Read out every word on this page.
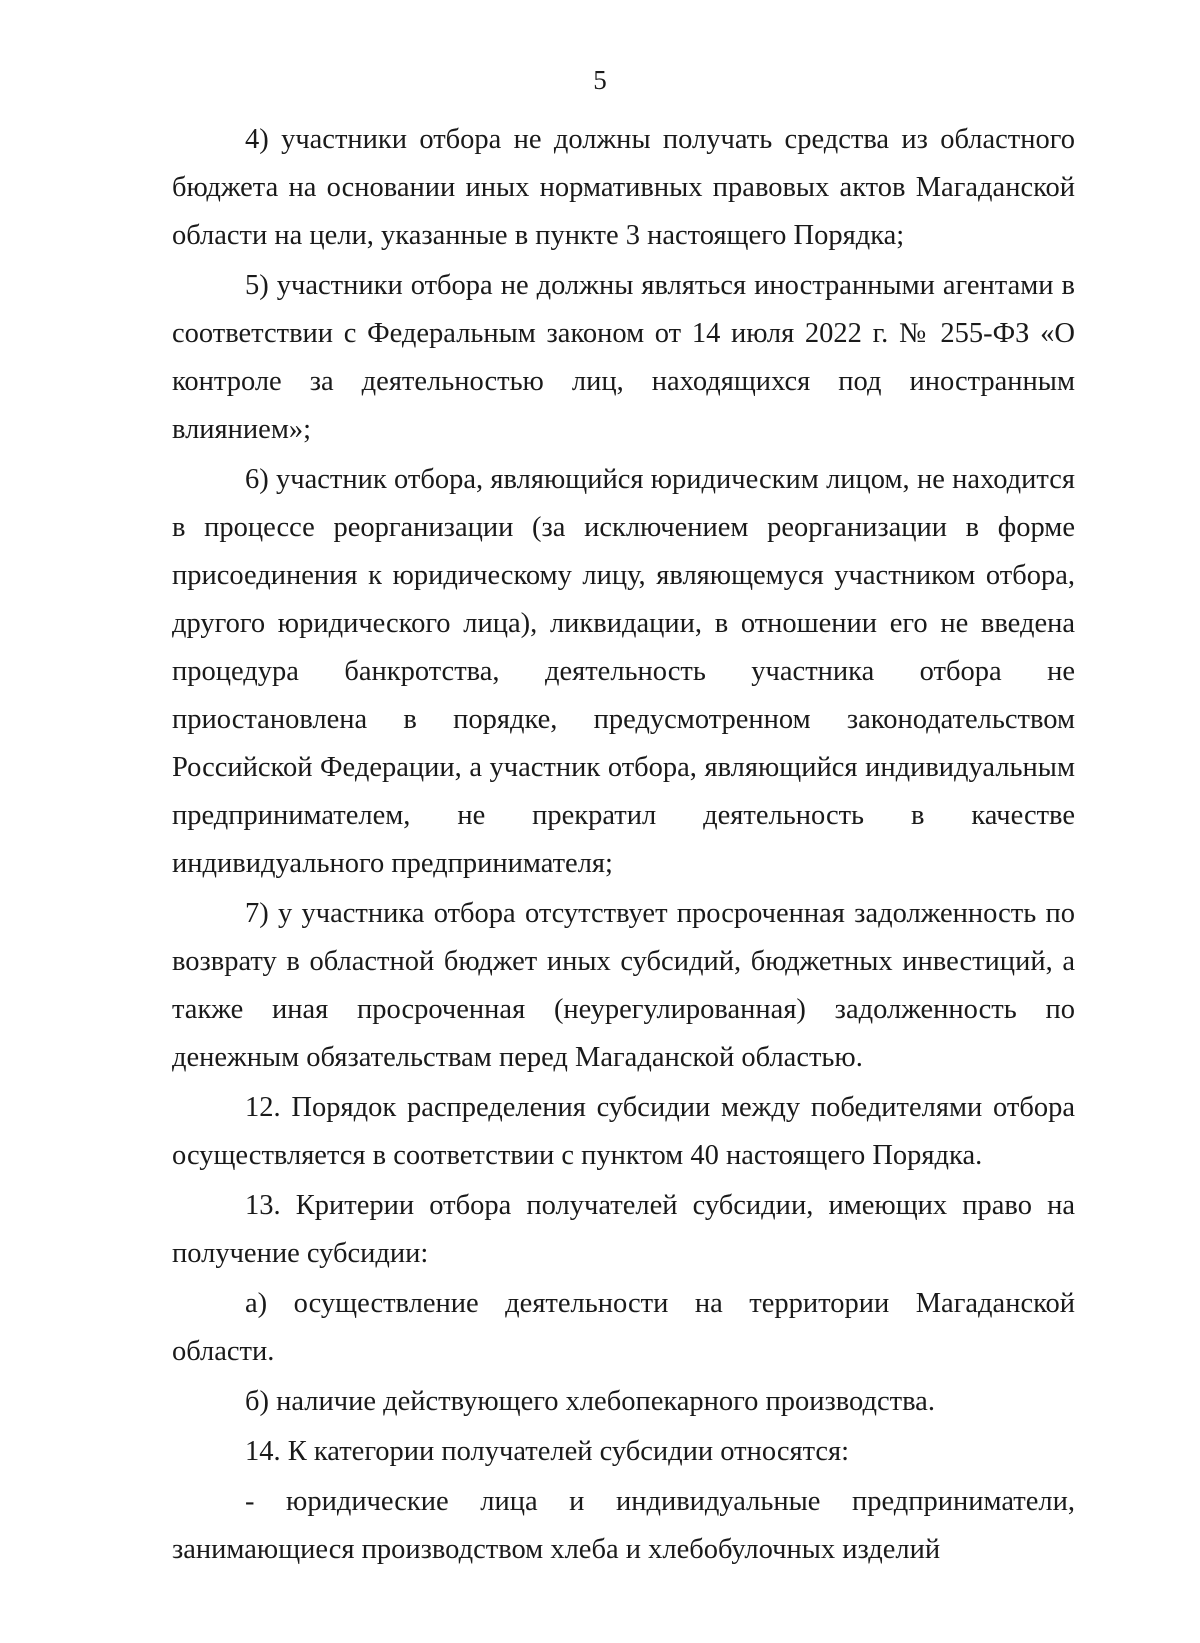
5

4) участники отбора не должны получать средства из областного бюджета на основании иных нормативных правовых актов Магаданской области на цели, указанные в пункте 3 настоящего Порядка;

5) участники отбора не должны являться иностранными агентами в соответствии с Федеральным законом от 14 июля 2022 г. № 255-ФЗ «О контроле за деятельностью лиц, находящихся под иностранным влиянием»;

6) участник отбора, являющийся юридическим лицом, не находится в процессе реорганизации (за исключением реорганизации в форме присоединения к юридическому лицу, являющемуся участником отбора, другого юридического лица), ликвидации, в отношении его не введена процедура банкротства, деятельность участника отбора не приостановлена в порядке, предусмотренном законодательством Российской Федерации, а участник отбора, являющийся индивидуальным предпринимателем, не прекратил деятельность в качестве индивидуального предпринимателя;

7) у участника отбора отсутствует просроченная задолженность по возврату в областной бюджет иных субсидий, бюджетных инвестиций, а также иная просроченная (неурегулированная) задолженность по денежным обязательствам перед Магаданской областью.

12. Порядок распределения субсидии между победителями отбора осуществляется в соответствии с пунктом 40 настоящего Порядка.

13. Критерии отбора получателей субсидии, имеющих право на получение субсидии:

а) осуществление деятельности на территории Магаданской области.

б) наличие действующего хлебопекарного производства.

14. К категории получателей субсидии относятся:

- юридические лица и индивидуальные предприниматели, занимающиеся производством хлеба и хлебобулочных изделий
